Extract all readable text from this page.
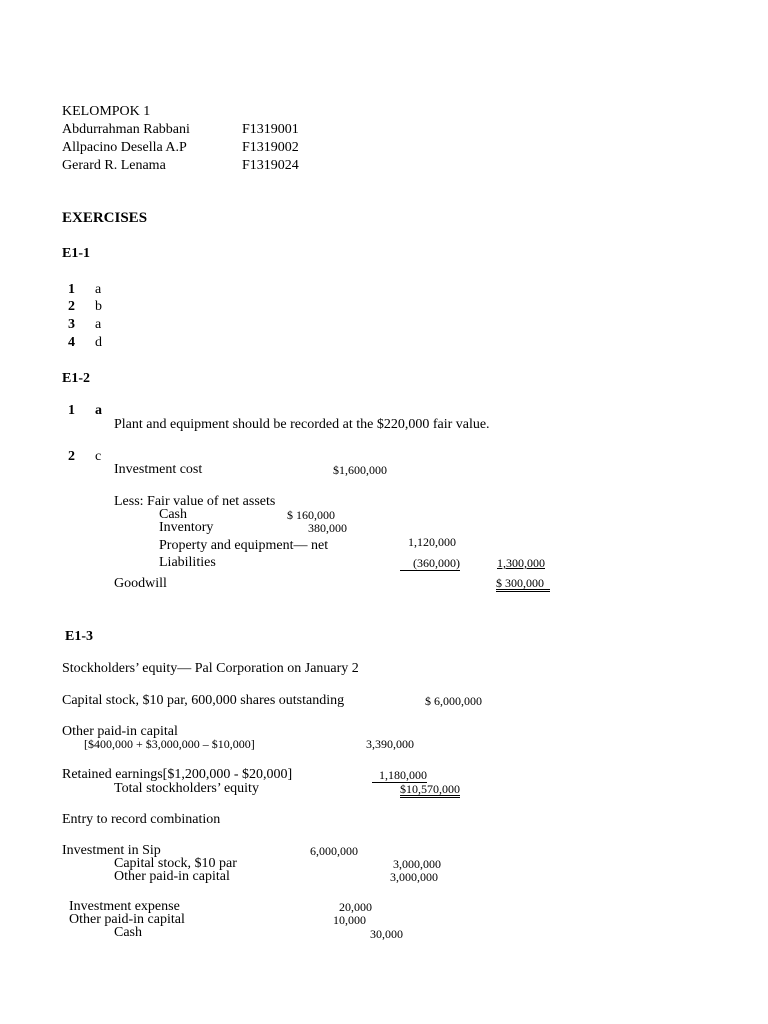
KELOMPOK 1
Abdurrahman Rabbani	F1319001
Allpacino Desella A.P	F1319002
Gerard R. Lenama	F1319024
EXERCISES
E1-1
1 a
2 b
3 a
4 d
E1-2
1 a
Plant and equipment should be recorded at the $220,000 fair value.
2 c
Investment cost	$1,600,000
Less: Fair value of net assets
Cash	$ 160,000
Inventory	380,000
Property and equipment— net	1,120,000
Liabilities	(360,000)	1,300,000
Goodwill	$ 300,000
E1-3
Stockholders’ equity— Pal Corporation on January 2
Capital stock, $10 par, 600,000 shares outstanding	$ 6,000,000
Other paid-in capital
[$400,000 + $3,000,000 – $10,000]	3,390,000
Retained earnings[$1,200,000 - $20,000]	1,180,000
Total stockholders’ equity	$10,570,000
Entry to record combination
Investment in Sip	6,000,000
Capital stock, $10 par	3,000,000
Other paid-in capital	3,000,000
Investment expense	20,000
Other paid-in capital	10,000
Cash	30,000
